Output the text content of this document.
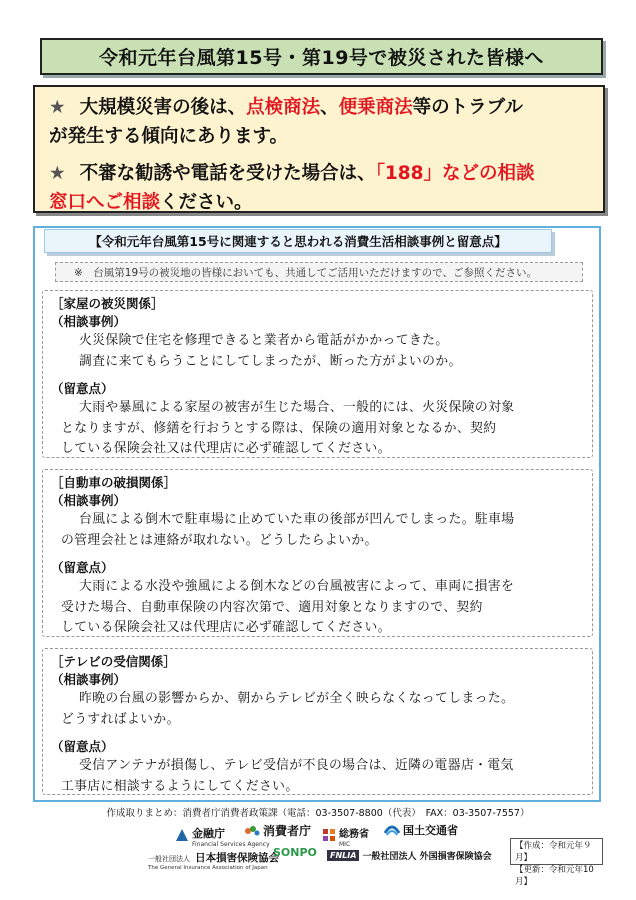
令和元年台風第15号・第19号で被災された皆様へ
★ 大規模災害の後は、点検商法、便乗商法等のトラブル
が発生する傾向にあります。
★ 不審な勧誘や電話を受けた場合は、「188」などの相談
窓口へご相談ください。
【令和元年台風第15号に関連すると思われる消費生活相談事例と留意点】
※　台風第19号の被災地の皆様においても、共通してご活用いただけますので、ご参照ください。
［家屋の被災関係］
（相談事例）

火災保険で住宅を修理できると業者から電話がかかってきた。

調査に来てもらうことにしてしまったが、断った方がよいのか。

（留意点）

大雨や暴風による家屋の被害が生じた場合、一般的には、火災保険の対象

となりますが、修繕を行おうとする際は、保険の適用対象となるか、契約

している保険会社又は代理店に必ず確認してください。

［自動車の破損関係］
（相談事例）

台風による倒木で駐車場に止めていた車の後部が凹んでしまった。駐車場

の管理会社とは連絡が取れない。どうしたらよいか。

（留意点）

大雨による水没や強風による倒木などの台風被害によって、車両に損害を

受けた場合、自動車保険の内容次第で、適用対象となりますので、契約

している保険会社又は代理店に必ず確認してください。

［テレビの受信関係］
（相談事例）

昨晩の台風の影響からか、朝からテレビが全く映らなくなってしまった。

どうすればよいか。

（留意点）

受信アンテナが損傷し、テレビ受信が不良の場合は、近隣の電器店・電気

工事店に相談するようにしてください。

作成取りまとめ：消費者庁消費者政策課（電話：03-3507-8800（代表）　FAX：03-3507-7557）
金融庁
Financial Services Agency
消費者庁	総務省
MIC
国土交通省
一般社団法人 日本損害保険協会
The General Insurance Association of Japan
SONPO	FNLIA 一般社団法人 外国損害保険協会
【作成：令和元年９月】
【更新：令和元年10月】
